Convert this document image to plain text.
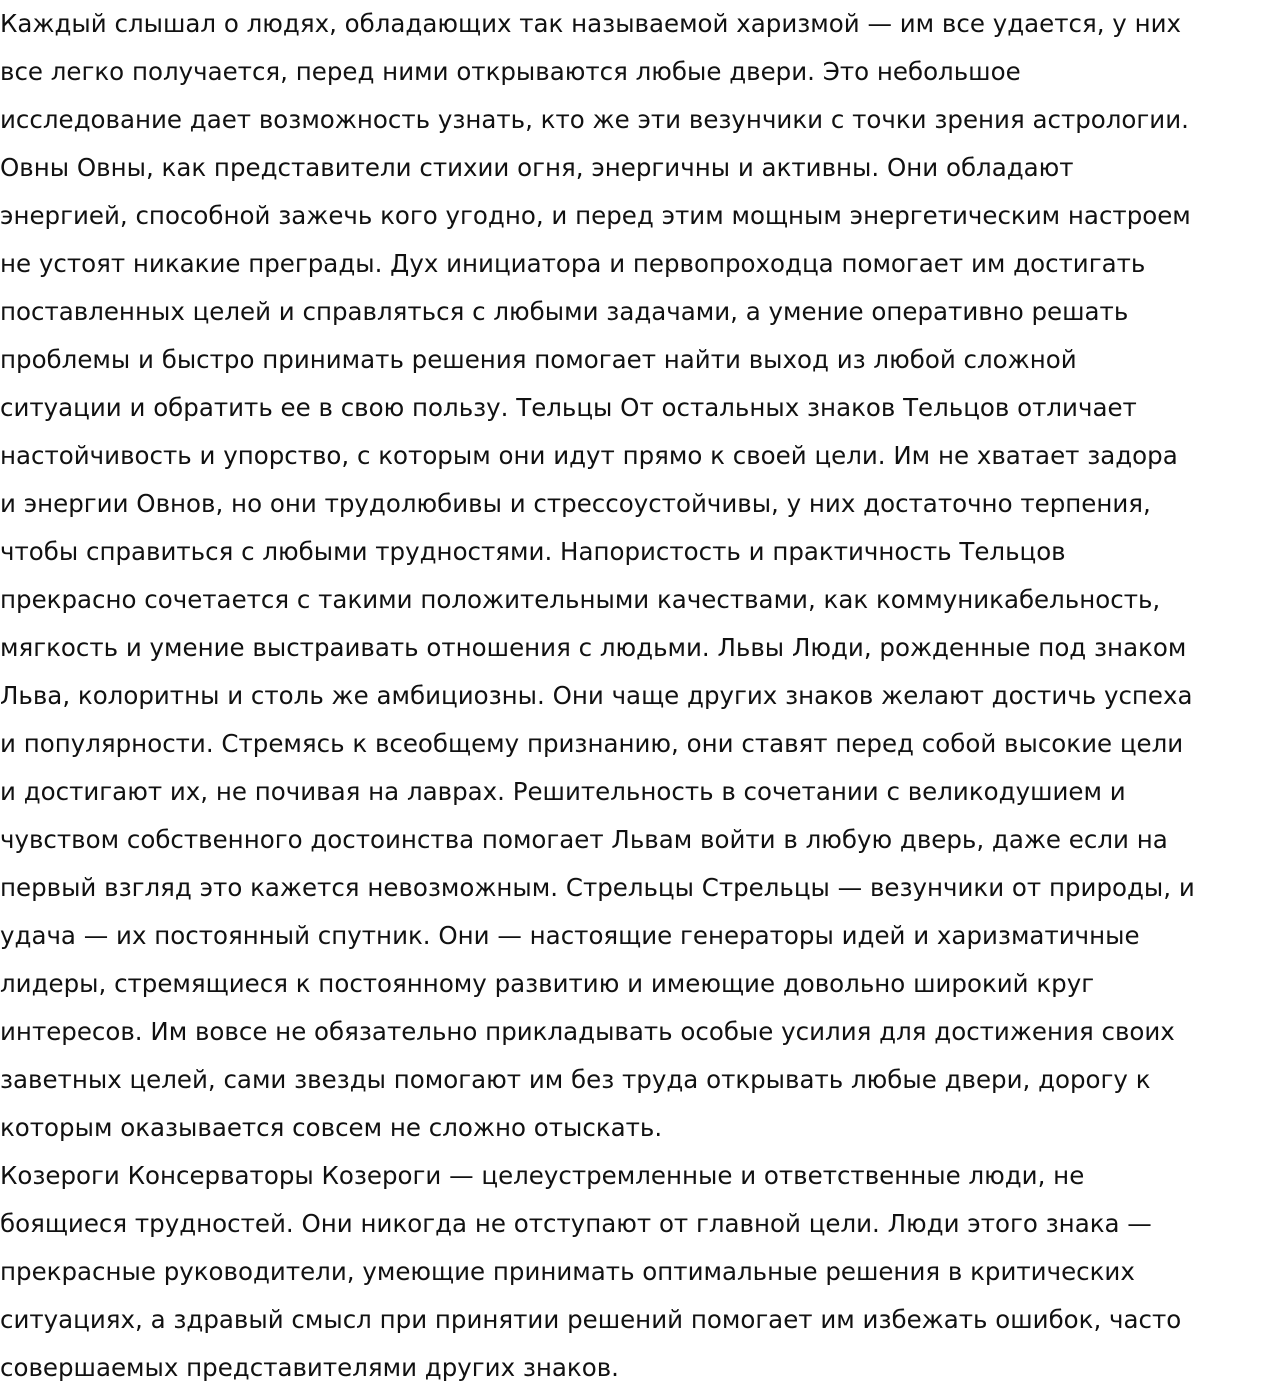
Каждый слышал о людях, обладающих так называемой харизмой — им все удается, у них
все легко получается, перед ними открываются любые двери. Это небольшое
исследование дает возможность узнать, кто же эти везунчики с точки зрения астрологии.
Овны Овны, как представители стихии огня, энергичны и активны. Они обладают
энергией, способной зажечь кого угодно, и перед этим мощным энергетическим настроем
не устоят никакие преграды. Дух инициатора и первопроходца помогает им достигать
поставленных целей и справляться с любыми задачами, а умение оперативно решать
проблемы и быстро принимать решения помогает найти выход из любой сложной
ситуации и обратить ее в свою пользу. Тельцы От остальных знаков Тельцов отличает
настойчивость и упорство, с которым они идут прямо к своей цели. Им не хватает задора
и энергии Овнов, но они трудолюбивы и стрессоустойчивы, у них достаточно терпения,
чтобы справиться с любыми трудностями. Напористость и практичность Тельцов
прекрасно сочетается с такими положительными качествами, как коммуникабельность,
мягкость и умение выстраивать отношения с людьми. Львы Люди, рожденные под знаком
Льва, колоритны и столь же амбициозны. Они чаще других знаков желают достичь успеха
и популярности. Стремясь к всеобщему признанию, они ставят перед собой высокие цели
и достигают их, не почивая на лаврах. Решительность в сочетании с великодушием и
чувством собственного достоинства помогает Львам войти в любую дверь, даже если на
первый взгляд это кажется невозможным. Стрельцы Стрельцы — везунчики от природы, и
удача — их постоянный спутник. Они — настоящие генераторы идей и харизматичные
лидеры, стремящиеся к постоянному развитию и имеющие довольно широкий круг
интересов. Им вовсе не обязательно прикладывать особые усилия для достижения своих
заветных целей, сами звезды помогают им без труда открывать любые двери, дорогу к
которым оказывается совсем не сложно отыскать.
Козероги Консерваторы Козероги — целеустремленные и ответственные люди, не
боящиеся трудностей. Они никогда не отступают от главной цели. Люди этого знака —
прекрасные руководители, умеющие принимать оптимальные решения в критических
ситуациях, а здравый смысл при принятии решений помогает им избежать ошибок, часто
совершаемых представителями других знаков.
